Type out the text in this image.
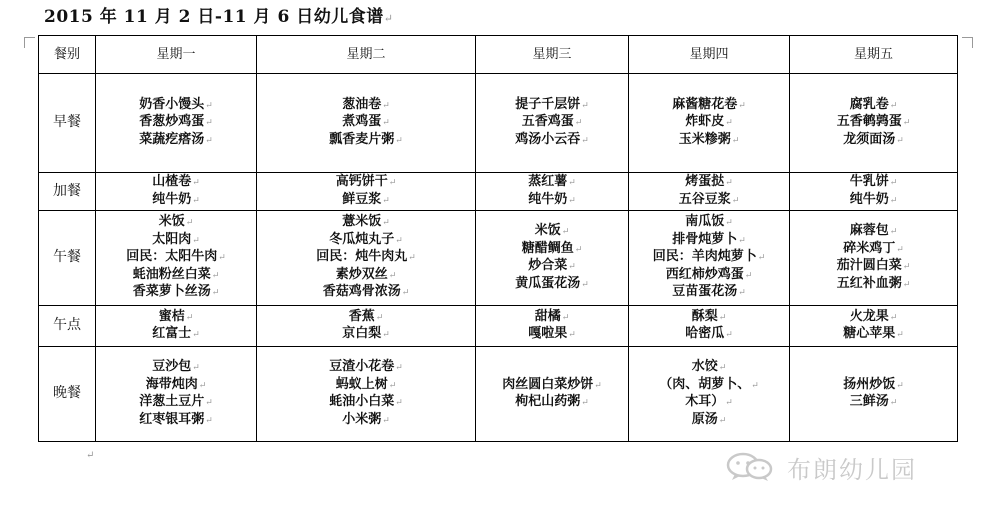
2015 年 11 月 2 日-11 月 6 日幼儿食谱↵
餐别	星期一	星期二	星期三	星期四	星期五
早餐	奶香小馒头 ↵
香葱炒鸡蛋 ↵
菜蔬疙瘩汤 ↵	葱油卷 ↵
煮鸡蛋 ↵
瓢香麦片粥 ↵	提子千层饼 ↵
五香鸡蛋 ↵
鸡汤小云吞 ↵	麻酱糖花卷 ↵
炸虾皮 ↵
玉米糁粥 ↵	腐乳卷 ↵
五香鹌鹑蛋 ↵
龙须面汤 ↵

加餐	山楂卷 ↵
纯牛奶 ↵	高钙饼干 ↵
鲜豆浆 ↵	蒸红薯 ↵
纯牛奶 ↵	烤蛋挞 ↵
五谷豆浆 ↵	牛乳饼 ↵
纯牛奶 ↵

午餐	米饭 ↵
太阳肉 ↵
回民：太阳牛肉 ↵
蚝油粉丝白菜 ↵
香菜萝卜丝汤 ↵	薏米饭 ↵
冬瓜炖丸子 ↵
回民：炖牛肉丸 ↵
素炒双丝 ↵
香菇鸡骨浓汤 ↵	米饭 ↵
糖醋鲷鱼 ↵
炒合菜 ↵
黄瓜蛋花汤 ↵	南瓜饭 ↵
排骨炖萝卜 ↵
回民：羊肉炖萝卜 ↵
西红柿炒鸡蛋 ↵
豆苗蛋花汤 ↵	麻蓉包 ↵
碎米鸡丁 ↵
茄汁圆白菜 ↵
五红补血粥 ↵

午点	蜜桔 ↵
红富士 ↵	香蕉 ↵
京白梨 ↵	甜橘 ↵
嘎啦果 ↵	酥梨 ↵
哈密瓜 ↵	火龙果 ↵
糖心苹果 ↵

晚餐	豆沙包 ↵
海带炖肉 ↵
洋葱土豆片 ↵
红枣银耳粥 ↵	豆渣小花卷 ↵
蚂蚁上树 ↵
蚝油小白菜 ↵
小米粥 ↵	肉丝圆白菜炒饼 ↵
枸杞山药粥 ↵	水饺 ↵
（肉、胡萝卜、 ↵
木耳） ↵
原汤 ↵	扬州炒饭 ↵
三鲜汤 ↵
↵	布朗幼儿园
